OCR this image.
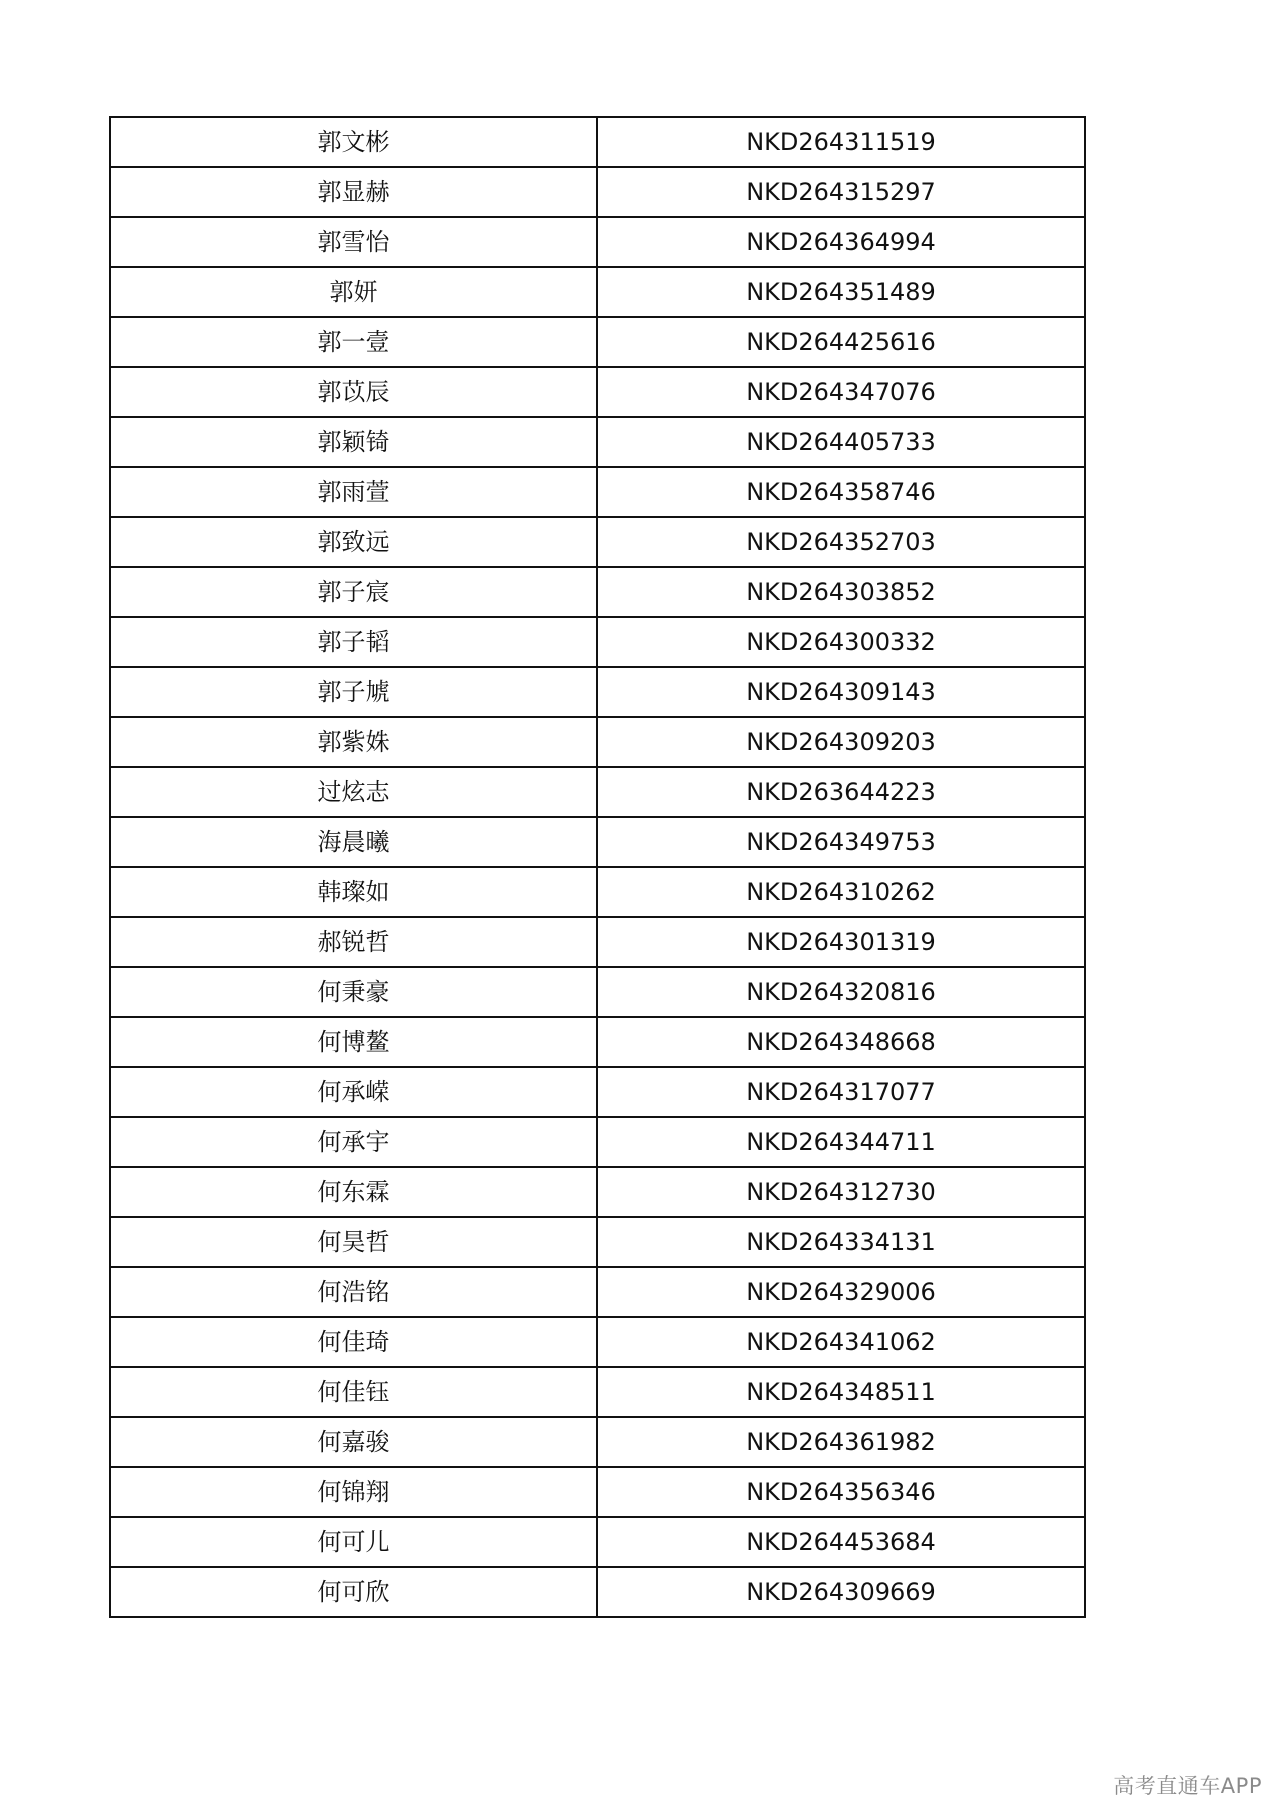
郭文彬	NKD264311519
郭显赫	NKD264315297
郭雪怡	NKD264364994
郭妍	NKD264351489
郭一壹	NKD264425616
郭苡辰	NKD264347076
郭颖锜	NKD264405733
郭雨萱	NKD264358746
郭致远	NKD264352703
郭子宸	NKD264303852
郭子韬	NKD264300332
郭子虓	NKD264309143
郭紫姝	NKD264309203
过炫志	NKD263644223
海晨曦	NKD264349753
韩璨如	NKD264310262
郝锐哲	NKD264301319
何秉豪	NKD264320816
何博鳌	NKD264348668
何承嵘	NKD264317077
何承宇	NKD264344711
何东霖	NKD264312730
何昊哲	NKD264334131
何浩铭	NKD264329006
何佳琦	NKD264341062
何佳钰	NKD264348511
何嘉骏	NKD264361982
何锦翔	NKD264356346
何可儿	NKD264453684
何可欣	NKD264309669
高考直通车APP
